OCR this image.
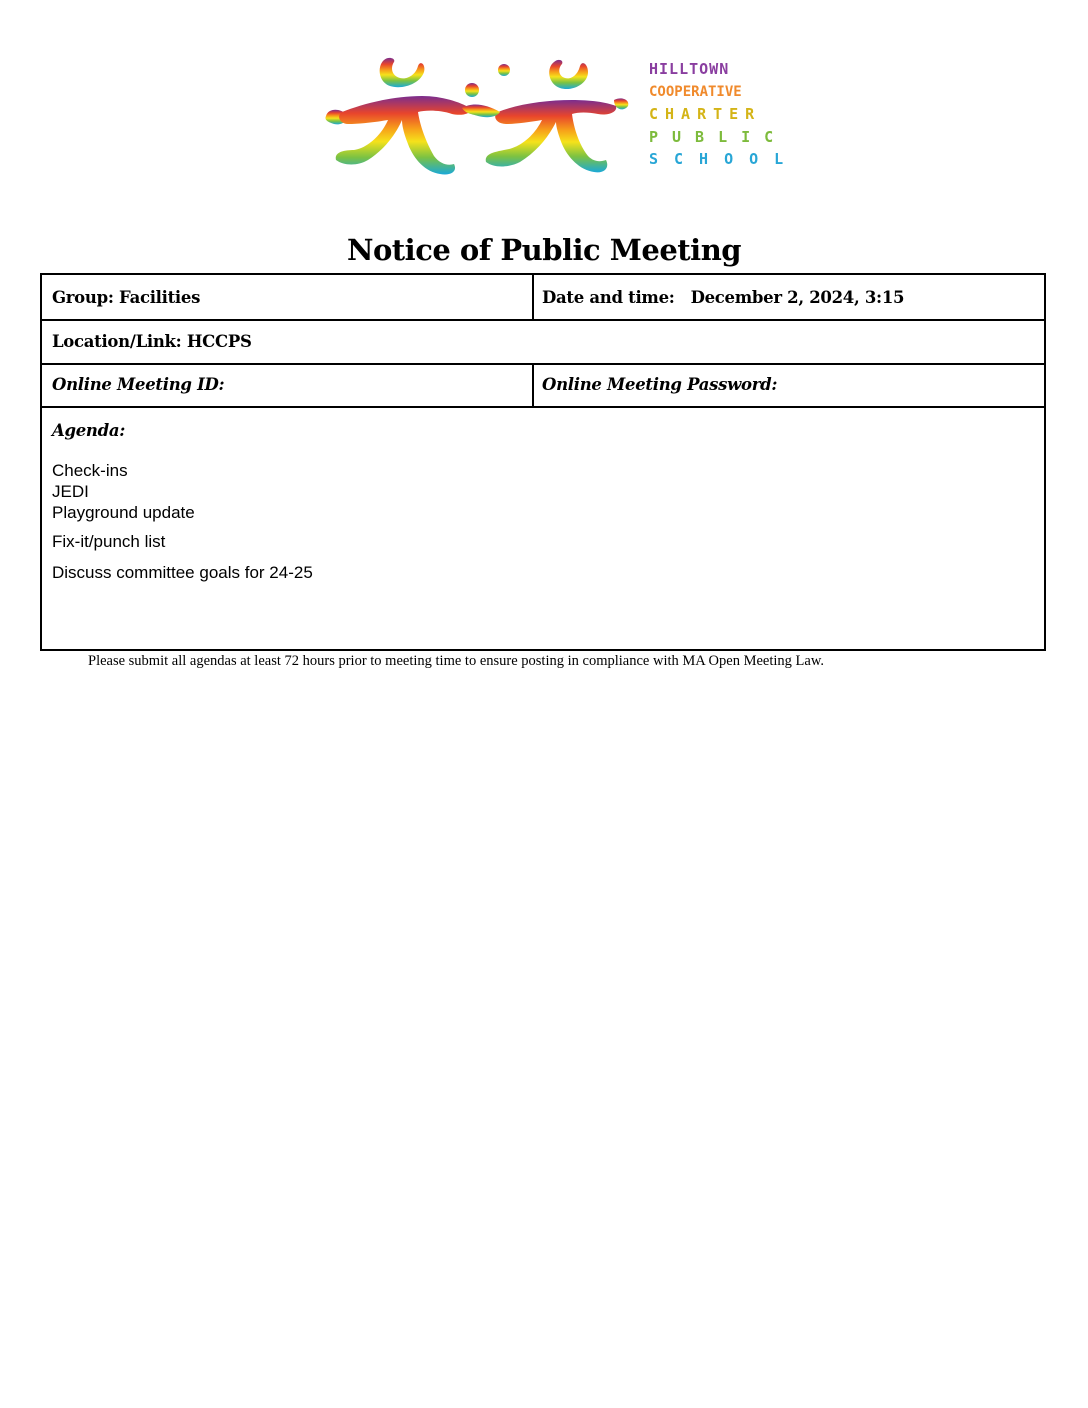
HILLTOWN
COOPERATIVE
CHARTER
PUBLIC
SCHOOL
Notice of Public Meeting
Group: Facilities	Date and time: December 2, 2024, 3:15
Location/Link: HCCPS
Online Meeting ID:	Online Meeting Password:
Agenda:
Check-ins
JEDI
Playground update
Fix-it/punch list
Discuss committee goals for 24-25
Please submit all agendas at least 72 hours prior to meeting time to ensure posting in compliance with MA Open Meeting Law.
